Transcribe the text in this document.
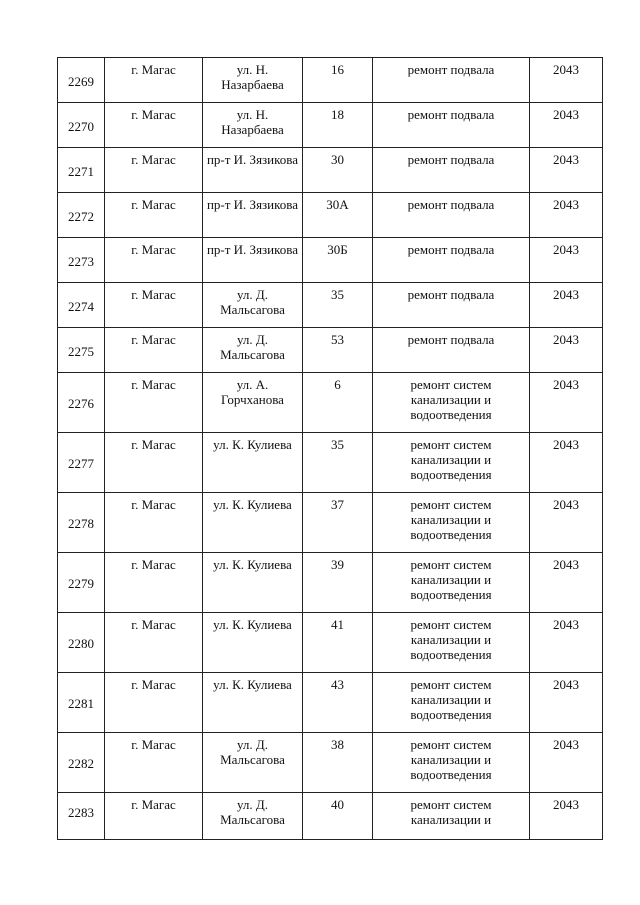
2269	г. Магас	ул. Н. Назарбаева	16	ремонт подвала	2043
2270	г. Магас	ул. Н. Назарбаева	18	ремонт подвала	2043
2271	г. Магас	пр-т И. Зязикова	30	ремонт подвала	2043
2272	г. Магас	пр-т И. Зязикова	30А	ремонт подвала	2043
2273	г. Магас	пр-т И. Зязикова	30Б	ремонт подвала	2043
2274	г. Магас	ул. Д. Мальсагова	35	ремонт подвала	2043
2275	г. Магас	ул. Д. Мальсагова	53	ремонт подвала	2043
2276	г. Магас	ул. А. Горчханова	6	ремонт систем канализации и водоотведения	2043
2277	г. Магас	ул. К. Кулиева	35	ремонт систем канализации и водоотведения	2043
2278	г. Магас	ул. К. Кулиева	37	ремонт систем канализации и водоотведения	2043
2279	г. Магас	ул. К. Кулиева	39	ремонт систем канализации и водоотведения	2043
2280	г. Магас	ул. К. Кулиева	41	ремонт систем канализации и водоотведения	2043
2281	г. Магас	ул. К. Кулиева	43	ремонт систем канализации и водоотведения	2043
2282	г. Магас	ул. Д. Мальсагова	38	ремонт систем канализации и водоотведения	2043
2283	г. Магас	ул. Д. Мальсагова	40	ремонт систем канализации и	2043
